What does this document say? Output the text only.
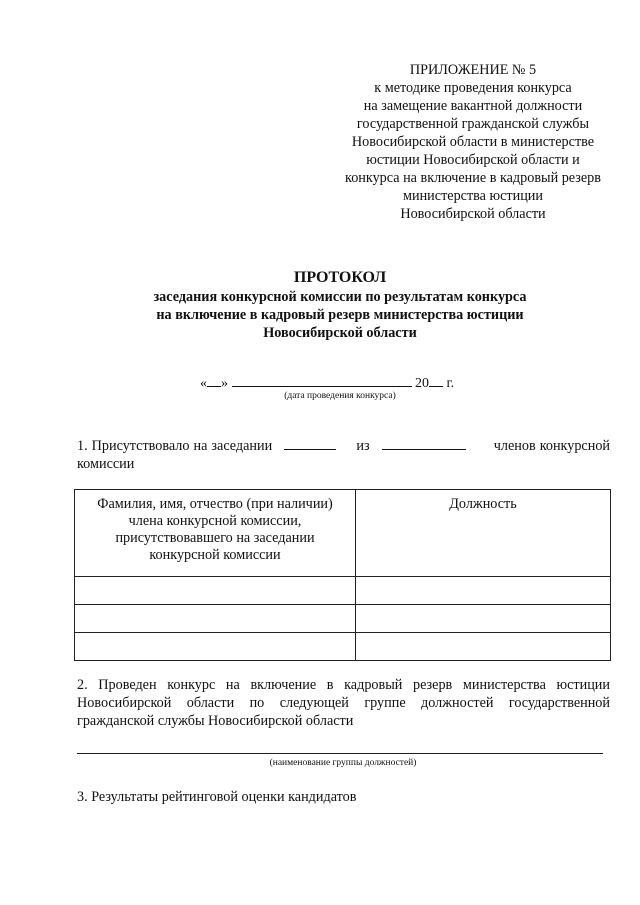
ПРИЛОЖЕНИЕ № 5
к методике проведения конкурса
на замещение вакантной должности
государственной гражданской службы
Новосибирской области в министерстве
юстиции Новосибирской области и
конкурса на включение в кадровый резерв
министерства юстиции
Новосибирской области
ПРОТОКОЛ
заседания конкурсной комиссии по результатам конкурса
на включение в кадровый резерв министерства юстиции
Новосибирской области
« »	20 г.
(дата проведения конкурса)
1. Присутствовало на заседании	из	членов конкурсной комиссии
Фамилия, имя, отчество (при наличии) члена конкурсной комиссии, присутствовавшего на заседании конкурсной комиссии	Должность

2. Проведен конкурс на включение в кадровый резерв министерства юстиции Новосибирской области по следующей группе должностей государственной гражданской службы Новосибирской области
(наименование группы должностей)
3. Результаты рейтинговой оценки кандидатов
